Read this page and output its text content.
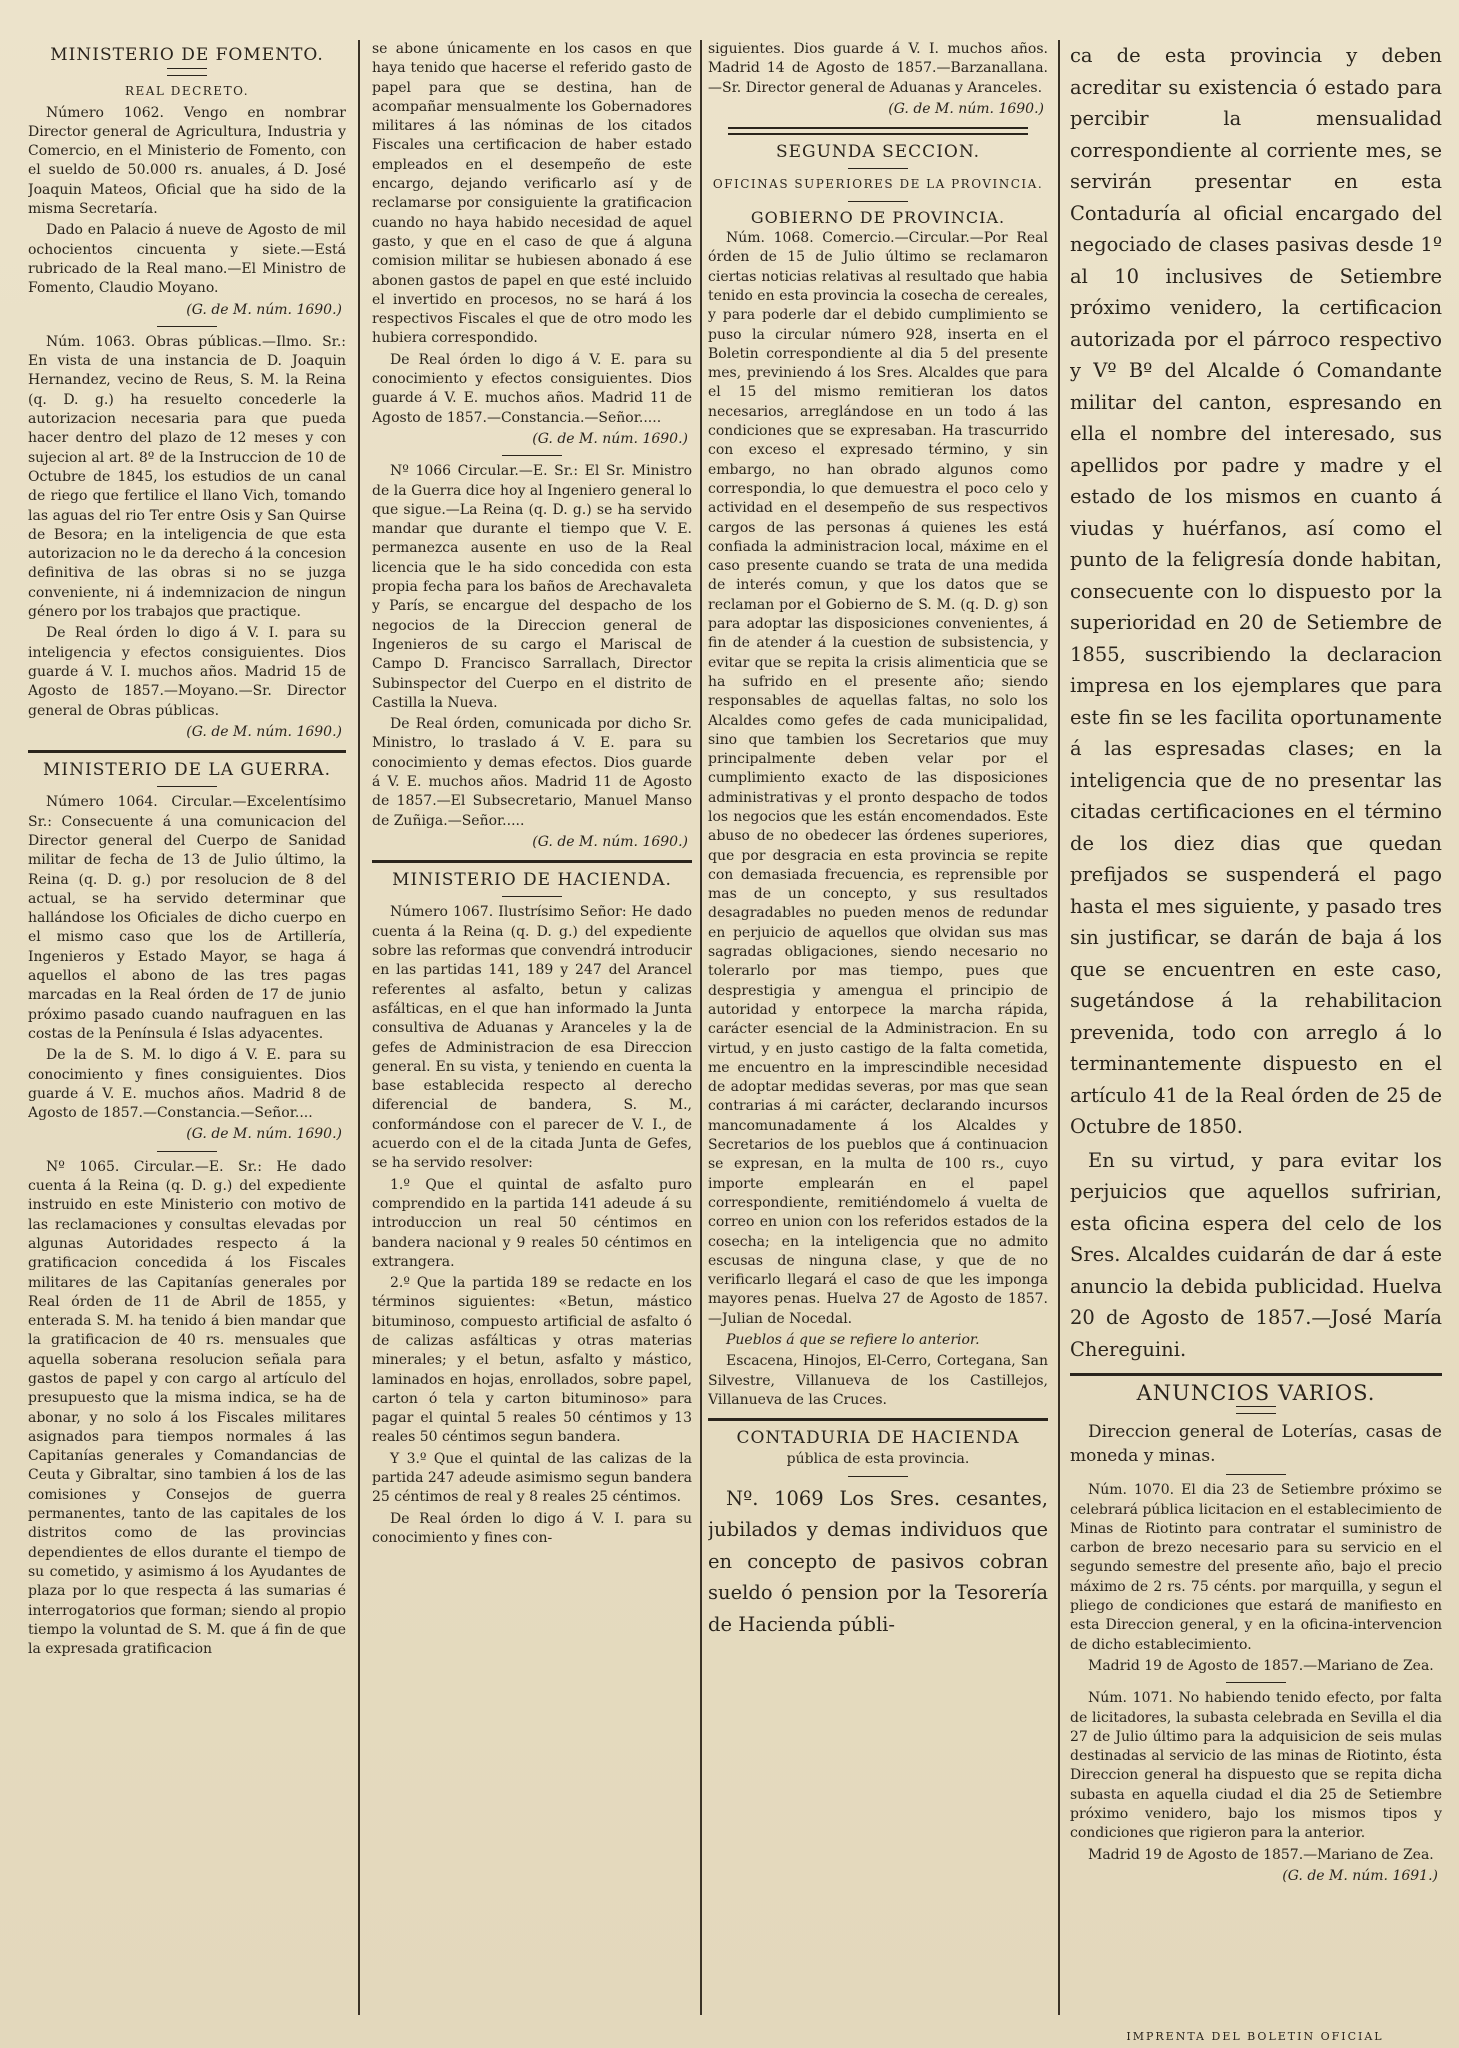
MINISTERIO DE FOMENTO.
REAL DECRETO.

Número 1062. Vengo en nombrar Director general de Agricultura, Industria y Comercio, en el Ministerio de Fomento, con el sueldo de 50.000 rs. anuales, á D. José Joaquin Mateos, Oficial que ha sido de la misma Secretaría.

Dado en Palacio á nueve de Agosto de mil ochocientos cincuenta y siete.—Está rubricado de la Real mano.—El Ministro de Fomento, Claudio Moyano.

(G. de M. núm. 1690.)

Núm. 1063. Obras públicas.—Ilmo. Sr.: En vista de una instancia de D. Joaquin Hernandez, vecino de Reus, S. M. la Reina (q. D. g.) ha resuelto concederle la autorizacion necesaria para que pueda hacer dentro del plazo de 12 meses y con sujecion al art. 8º de la Instruccion de 10 de Octubre de 1845, los estudios de un canal de riego que fertilice el llano Vich, tomando las aguas del rio Ter entre Osis y San Quirse de Besora; en la inteligencia de que esta autorizacion no le da derecho á la concesion definitiva de las obras si no se juzga conveniente, ni á indemnizacion de ningun género por los trabajos que practique.

De Real órden lo digo á V. I. para su inteligencia y efectos consiguientes. Dios guarde á V. I. muchos años. Madrid 15 de Agosto de 1857.—Moyano.—Sr. Director general de Obras públicas.

(G. de M. núm. 1690.)
MINISTERIO DE LA GUERRA.

Número 1064. Circular.—Excelentísimo Sr.: Consecuente á una comunicacion del Director general del Cuerpo de Sanidad militar de fecha de 13 de Julio último, la Reina (q. D. g.) por resolucion de 8 del actual, se ha servido determinar que hallándose los Oficiales de dicho cuerpo en el mismo caso que los de Artillería, Ingenieros y Estado Mayor, se haga á aquellos el abono de las tres pagas marcadas en la Real órden de 17 de junio próximo pasado cuando naufraguen en las costas de la Península é Islas adyacentes.

De la de S. M. lo digo á V. E. para su conocimiento y fines consiguientes. Dios guarde á V. E. muchos años. Madrid 8 de Agosto de 1857.—Constancia.—Señor....

(G. de M. núm. 1690.)

Nº 1065. Circular.—E. Sr.: He dado cuenta á la Reina (q. D. g.) del expediente instruido en este Ministerio con motivo de las reclamaciones y consultas elevadas por algunas Autoridades respecto á la gratificacion concedida á los Fiscales militares de las Capitanías generales por Real órden de 11 de Abril de 1855, y enterada S. M. ha tenido á bien mandar que la gratificacion de 40 rs. mensuales que aquella soberana resolucion señala para gastos de papel y con cargo al artículo del presupuesto que la misma indica, se ha de abonar, y no solo á los Fiscales militares asignados para tiempos normales á las Capitanías generales y Comandancias de Ceuta y Gibraltar, sino tambien á los de las comisiones y Consejos de guerra permanentes, tanto de las capitales de los distritos como de las provincias dependientes de ellos durante el tiempo de su cometido, y asimismo á los Ayudantes de plaza por lo que respecta á las sumarias é interrogatorios que forman; siendo al propio tiempo la voluntad de S. M. que á fin de que la expresada gratificacion

se abone únicamente en los casos en que haya tenido que hacerse el referido gasto de papel para que se destina, han de acompañar mensualmente los Gobernadores militares á las nóminas de los citados Fiscales una certificacion de haber estado empleados en el desempeño de este encargo, dejando verificarlo así y de reclamarse por consiguiente la gratificacion cuando no haya habido necesidad de aquel gasto, y que en el caso de que á alguna comision militar se hubiesen abonado á ese abonen gastos de papel en que esté incluido el invertido en procesos, no se hará á los respectivos Fiscales el que de otro modo les hubiera correspondido.

De Real órden lo digo á V. E. para su conocimiento y efectos consiguientes. Dios guarde á V. E. muchos años. Madrid 11 de Agosto de 1857.—Constancia.—Señor.....

(G. de M. núm. 1690.)

Nº 1066 Circular.—E. Sr.: El Sr. Ministro de la Guerra dice hoy al Ingeniero general lo que sigue.—La Reina (q. D. g.) se ha servido mandar que durante el tiempo que V. E. permanezca ausente en uso de la Real licencia que le ha sido concedida con esta propia fecha para los baños de Arechavaleta y París, se encargue del despacho de los negocios de la Direccion general de Ingenieros de su cargo el Mariscal de Campo D. Francisco Sarrallach, Director Subinspector del Cuerpo en el distrito de Castilla la Nueva.

De Real órden, comunicada por dicho Sr. Ministro, lo traslado á V. E. para su conocimiento y demas efectos. Dios guarde á V. E. muchos años. Madrid 11 de Agosto de 1857.—El Subsecretario, Manuel Manso de Zuñiga.—Señor.....

(G. de M. núm. 1690.)
MINISTERIO DE HACIENDA.

Número 1067. Ilustrísimo Señor: He dado cuenta á la Reina (q. D. g.) del expediente sobre las reformas que convendrá introducir en las partidas 141, 189 y 247 del Arancel referentes al asfalto, betun y calizas asfálticas, en el que han informado la Junta consultiva de Aduanas y Aranceles y la de gefes de Administracion de esa Direccion general. En su vista, y teniendo en cuenta la base establecida respecto al derecho diferencial de bandera, S. M., conformándose con el parecer de V. I., de acuerdo con el de la citada Junta de Gefes, se ha servido resolver:

1.º Que el quintal de asfalto puro comprendido en la partida 141 adeude á su introduccion un real 50 céntimos en bandera nacional y 9 reales 50 céntimos en extrangera.

2.º Que la partida 189 se redacte en los términos siguientes: «Betun, mástico bituminoso, compuesto artificial de asfalto ó de calizas asfálticas y otras materias minerales; y el betun, asfalto y mástico, laminados en hojas, enrollados, sobre papel, carton ó tela y carton bituminoso» para pagar el quintal 5 reales 50 céntimos y 13 reales 50 céntimos segun bandera.

Y 3.º Que el quintal de las calizas de la partida 247 adeude asimismo segun bandera 25 céntimos de real y 8 reales 25 céntimos.

De Real órden lo digo á V. I. para su conocimiento y fines con-

siguientes. Dios guarde á V. I. muchos años. Madrid 14 de Agosto de 1857.—Barzanallana.—Sr. Director general de Aduanas y Aranceles.

(G. de M. núm. 1690.)
SEGUNDA SECCION.
OFICINAS SUPERIORES DE LA PROVINCIA.
GOBIERNO DE PROVINCIA.

Núm. 1068. Comercio.—Circular.—Por Real órden de 15 de Julio último se reclamaron ciertas noticias relativas al resultado que habia tenido en esta provincia la cosecha de cereales, y para poderle dar el debido cumplimiento se puso la circular número 928, inserta en el Boletin correspondiente al dia 5 del presente mes, previniendo á los Sres. Alcaldes que para el 15 del mismo remitieran los datos necesarios, arreglándose en un todo á las condiciones que se expresaban. Ha trascurrido con exceso el expresado término, y sin embargo, no han obrado algunos como correspondia, lo que demuestra el poco celo y actividad en el desempeño de sus respectivos cargos de las personas á quienes les está confiada la administracion local, máxime en el caso presente cuando se trata de una medida de interés comun, y que los datos que se reclaman por el Gobierno de S. M. (q. D. g) son para adoptar las disposiciones convenientes, á fin de atender á la cuestion de subsistencia, y evitar que se repita la crisis alimenticia que se ha sufrido en el presente año; siendo responsables de aquellas faltas, no solo los Alcaldes como gefes de cada municipalidad, sino que tambien los Secretarios que muy principalmente deben velar por el cumplimiento exacto de las disposiciones administrativas y el pronto despacho de todos los negocios que les están encomendados. Este abuso de no obedecer las órdenes superiores, que por desgracia en esta provincia se repite con demasiada frecuencia, es reprensible por mas de un concepto, y sus resultados desagradables no pueden menos de redundar en perjuicio de aquellos que olvidan sus mas sagradas obligaciones, siendo necesario no tolerarlo por mas tiempo, pues que desprestigia y amengua el principio de autoridad y entorpece la marcha rápida, carácter esencial de la Administracion. En su virtud, y en justo castigo de la falta cometida, me encuentro en la imprescindible necesidad de adoptar medidas severas, por mas que sean contrarias á mi carácter, declarando incursos mancomunadamente á los Alcaldes y Secretarios de los pueblos que á continuacion se expresan, en la multa de 100 rs., cuyo importe emplearán en el papel correspondiente, remitiéndomelo á vuelta de correo en union con los referidos estados de la cosecha; en la inteligencia que no admito escusas de ninguna clase, y que de no verificarlo llegará el caso de que les imponga mayores penas. Huelva 27 de Agosto de 1857.—Julian de Nocedal.

Pueblos á que se refiere lo anterior.

Escacena, Hinojos, El-Cerro, Cortegana, San Silvestre, Villanueva de los Castillejos, Villanueva de las Cruces.

CONTADURIA DE HACIENDA
pública de esta provincia.

Nº. 1069 Los Sres. cesantes, jubilados y demas individuos que en concepto de pasivos cobran sueldo ó pension por la Tesorería de Hacienda públi-

ca de esta provincia y deben acreditar su existencia ó estado para percibir la mensualidad correspondiente al corriente mes, se servirán presentar en esta Contaduría al oficial encargado del negociado de clases pasivas desde 1º al 10 inclusives de Setiembre próximo venidero, la certificacion autorizada por el párroco respectivo y Vº Bº del Alcalde ó Comandante militar del canton, espresando en ella el nombre del interesado, sus apellidos por padre y madre y el estado de los mismos en cuanto á viudas y huérfanos, así como el punto de la feligresía donde habitan, consecuente con lo dispuesto por la superioridad en 20 de Setiembre de 1855, suscribiendo la declaracion impresa en los ejemplares que para este fin se les facilita oportunamente á las espresadas clases; en la inteligencia que de no presentar las citadas certificaciones en el término de los diez dias que quedan prefijados se suspenderá el pago hasta el mes siguiente, y pasado tres sin justificar, se darán de baja á los que se encuentren en este caso, sugetándose á la rehabilitacion prevenida, todo con arreglo á lo terminantemente dispuesto en el artículo 41 de la Real órden de 25 de Octubre de 1850.

En su virtud, y para evitar los perjuicios que aquellos sufririan, esta oficina espera del celo de los Sres. Alcaldes cuidarán de dar á este anuncio la debida publicidad. Huelva 20 de Agosto de 1857.—José María Chereguini.

ANUNCIOS VARIOS.

Direccion general de Loterías, casas de moneda y minas.

Núm. 1070. El dia 23 de Setiembre próximo se celebrará pública licitacion en el establecimiento de Minas de Riotinto para contratar el suministro de carbon de brezo necesario para su servicio en el segundo semestre del presente año, bajo el precio máximo de 2 rs. 75 cénts. por marquilla, y segun el pliego de condiciones que estará de manifiesto en esta Direccion general, y en la oficina-intervencion de dicho establecimiento.

Madrid 19 de Agosto de 1857.—Mariano de Zea.

Núm. 1071. No habiendo tenido efecto, por falta de licitadores, la subasta celebrada en Sevilla el dia 27 de Julio último para la adquisicion de seis mulas destinadas al servicio de las minas de Riotinto, ésta Direccion general ha dispuesto que se repita dicha subasta en aquella ciudad el dia 25 de Setiembre próximo venidero, bajo los mismos tipos y condiciones que rigieron para la anterior.

Madrid 19 de Agosto de 1857.—Mariano de Zea.

(G. de M. núm. 1691.)
IMPRENTA DEL BOLETIN OFICIAL
